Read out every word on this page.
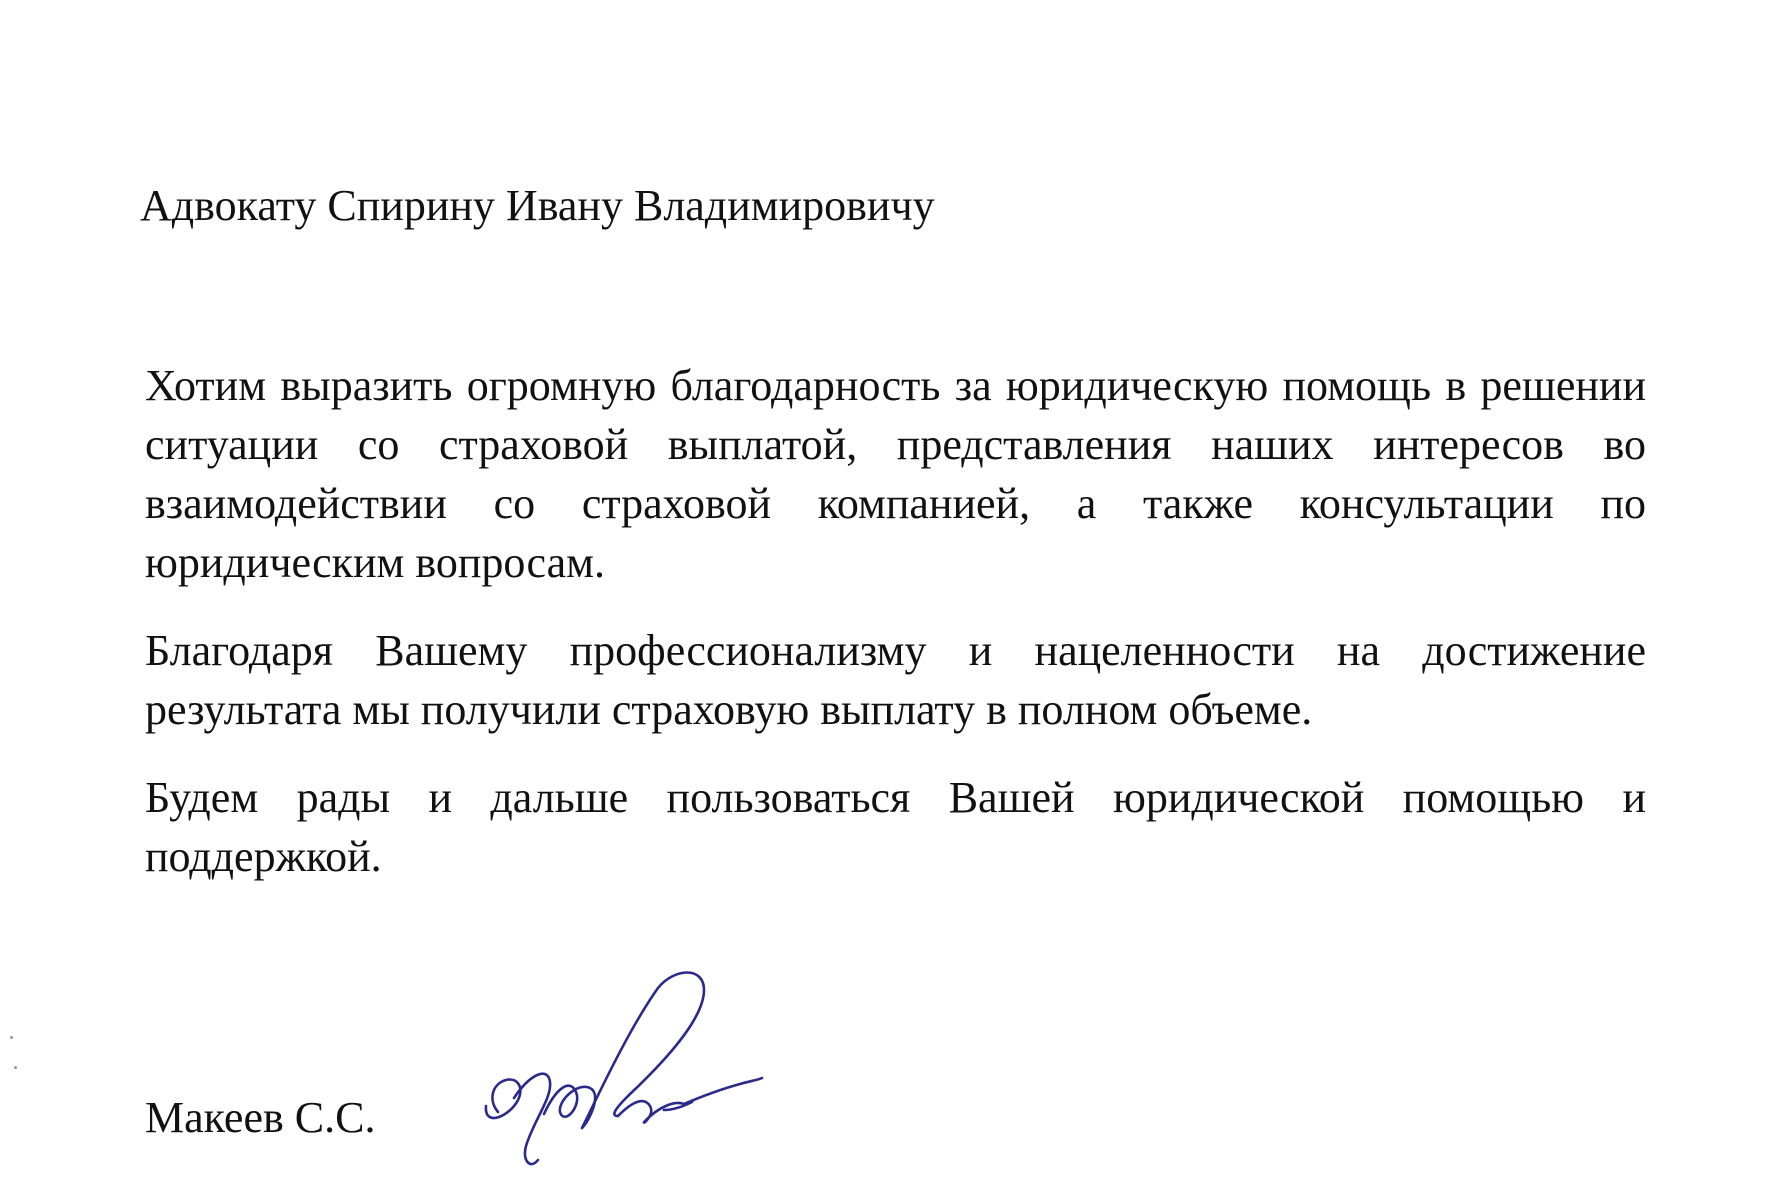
Адвокату Спирину Ивану Владимировичу

Хотим выразить огромную благодарность за юридическую помощь в решении ситуации со страховой выплатой, представления наших интересов во взаимодействии со страховой компанией, а также консультации по юридическим вопросам.

Благодаря Вашему профессионализму и нацеленности на достижение результата мы получили страховую выплату в полном объеме.

Будем рады и дальше пользоваться Вашей юридической помощью и поддержкой.

Макеев С.С.
